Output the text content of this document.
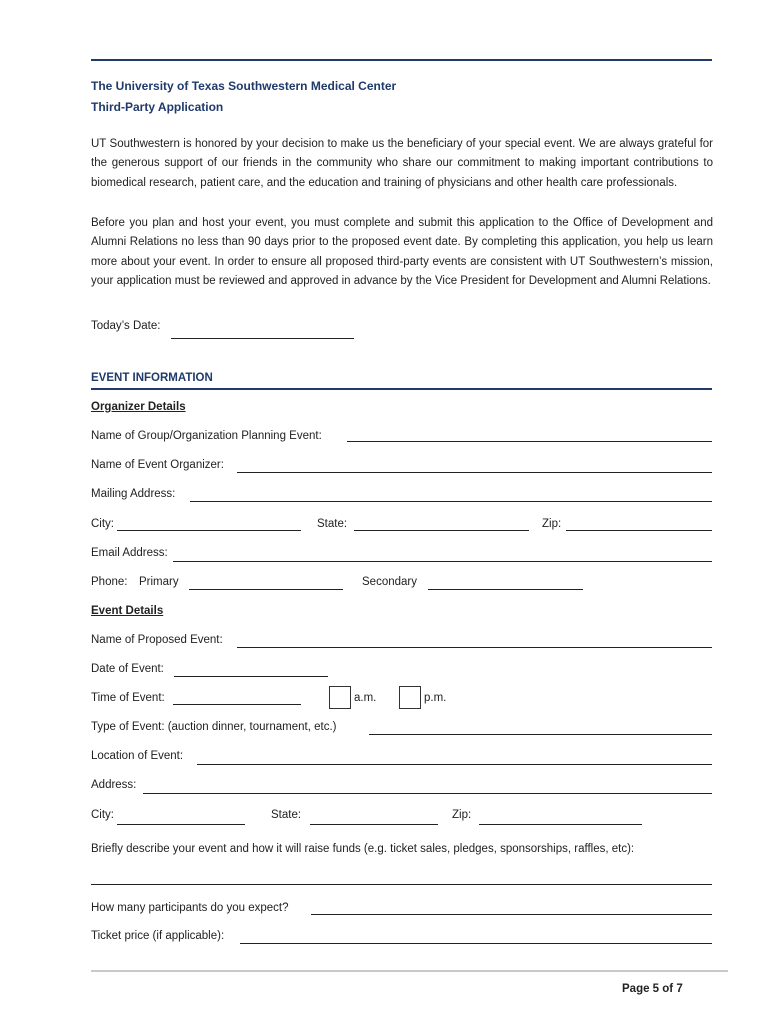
The University of Texas Southwestern Medical Center
Third-Party Application
UT Southwestern is honored by your decision to make us the beneficiary of your special event. We are always grateful for the generous support of our friends in the community who share our commitment to making important contributions to biomedical research, patient care, and the education and training of physicians and other health care professionals.
Before you plan and host your event, you must complete and submit this application to the Office of Development and Alumni Relations no less than 90 days prior to the proposed event date. By completing this application, you help us learn more about your event. In order to ensure all proposed third-party events are consistent with UT Southwestern’s mission, your application must be reviewed and approved in advance by the Vice President for Development and Alumni Relations.
Today’s Date:
EVENT INFORMATION
Organizer Details
Name of Group/Organization Planning Event:
Name of Event Organizer:
Mailing Address:
City:	State:	Zip:
Email Address:
Phone: Primary	Secondary
Event Details
Name of Proposed Event:
Date of Event:
Time of Event:	a.m.	p.m.
Type of Event: (auction dinner, tournament, etc.)
Location of Event:
Address:
City:	State:	Zip:
Briefly describe your event and how it will raise funds (e.g. ticket sales, pledges, sponsorships, raffles, etc):
How many participants do you expect?
Ticket price (if applicable):
Page 5 of 7
